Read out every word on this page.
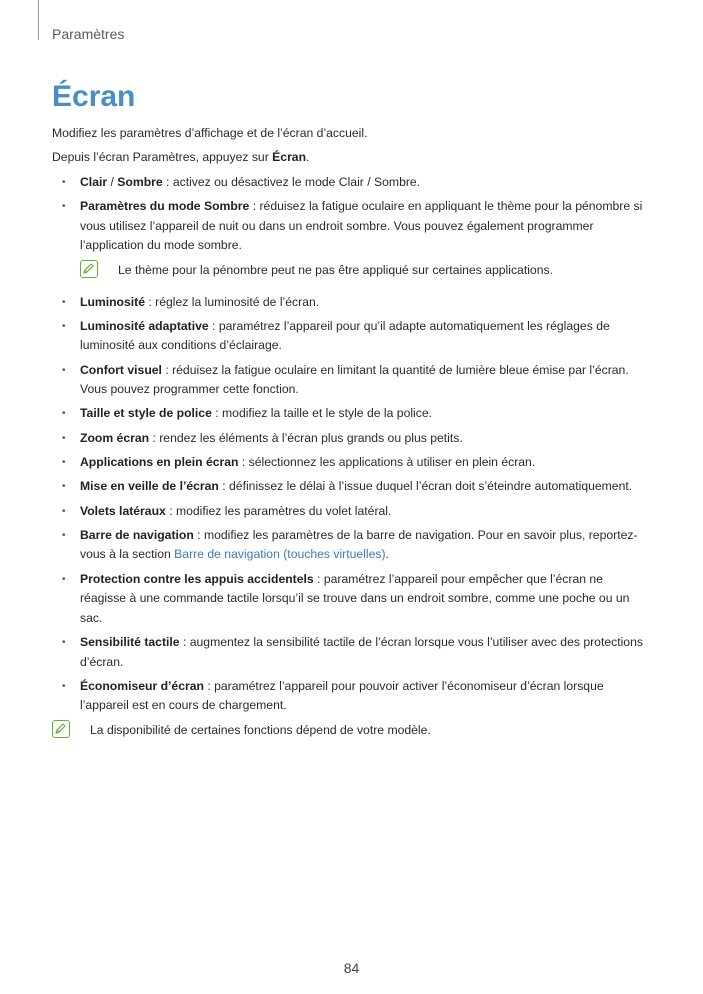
Paramètres
Écran

Modifiez les paramètres d’affichage et de l’écran d’accueil.

Depuis l’écran Paramètres, appuyez sur Écran.

• Clair / Sombre : activez ou désactivez le mode Clair / Sombre.
• Paramètres du mode Sombre : réduisez la fatigue oculaire en appliquant le thème pour la pénombre si vous utilisez l’appareil de nuit ou dans un endroit sombre. Vous pouvez également programmer l’application du mode sombre.
Le thème pour la pénombre peut ne pas être appliqué sur certaines applications.
• Luminosité : réglez la luminosité de l’écran.
• Luminosité adaptative : paramétrez l’appareil pour qu’il adapte automatiquement les réglages de luminosité aux conditions d’éclairage.
• Confort visuel : réduisez la fatigue oculaire en limitant la quantité de lumière bleue émise par l’écran. Vous pouvez programmer cette fonction.
• Taille et style de police : modifiez la taille et le style de la police.
• Zoom écran : rendez les éléments à l’écran plus grands ou plus petits.
• Applications en plein écran : sélectionnez les applications à utiliser en plein écran.
• Mise en veille de l’écran : définissez le délai à l’issue duquel l’écran doit s’éteindre automatiquement.
• Volets latéraux : modifiez les paramètres du volet latéral.
• Barre de navigation : modifiez les paramètres de la barre de navigation. Pour en savoir plus, reportez-vous à la section Barre de navigation (touches virtuelles).
• Protection contre les appuis accidentels : paramétrez l’appareil pour empêcher que l’écran ne réagisse à une commande tactile lorsqu’il se trouve dans un endroit sombre, comme une poche ou un sac.
• Sensibilité tactile : augmentez la sensibilité tactile de l’écran lorsque vous l’utiliser avec des protections d’écran.
• Économiseur d’écran : paramétrez l’appareil pour pouvoir activer l’économiseur d’écran lorsque l’appareil est en cours de chargement.
La disponibilité de certaines fonctions dépend de votre modèle.
84
